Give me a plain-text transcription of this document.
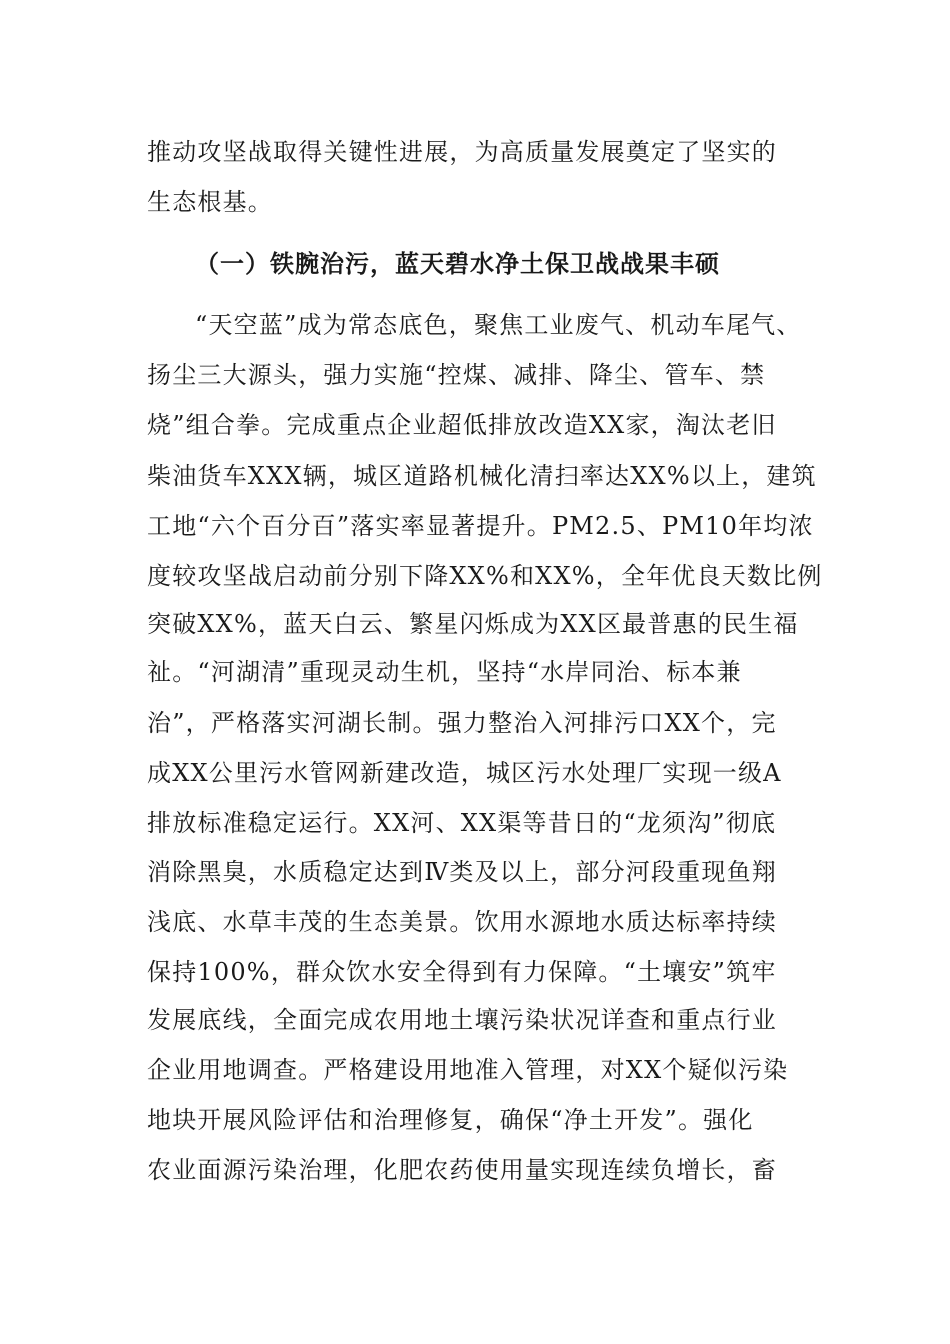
推动攻坚战取得关键性进展，为高质量发展奠定了坚实的
生态根基。
（一）铁腕治污，蓝天碧水净土保卫战战果丰硕
“天空蓝”成为常态底色，聚焦工业废气、机动车尾气、
扬尘三大源头，强力实施“控煤、减排、降尘、管车、禁
烧”组合拳。完成重点企业超低排放改造XX家，淘汰老旧
柴油货车XXX辆，城区道路机械化清扫率达XX%以上，建筑
工地“六个百分百”落实率显著提升。PM2.5、PM10年均浓
度较攻坚战启动前分别下降XX%和XX%，全年优良天数比例
突破XX%，蓝天白云、繁星闪烁成为XX区最普惠的民生福
祉。“河湖清”重现灵动生机，坚持“水岸同治、标本兼
治”，严格落实河湖长制。强力整治入河排污口XX个，完
成XX公里污水管网新建改造，城区污水处理厂实现一级A
排放标准稳定运行。XX河、XX渠等昔日的“龙须沟”彻底
消除黑臭，水质稳定达到Ⅳ类及以上，部分河段重现鱼翔
浅底、水草丰茂的生态美景。饮用水源地水质达标率持续
保持100%，群众饮水安全得到有力保障。“土壤安”筑牢
发展底线，全面完成农用地土壤污染状况详查和重点行业
企业用地调查。严格建设用地准入管理，对XX个疑似污染
地块开展风险评估和治理修复，确保“净土开发”。强化
农业面源污染治理，化肥农药使用量实现连续负增长，畜
